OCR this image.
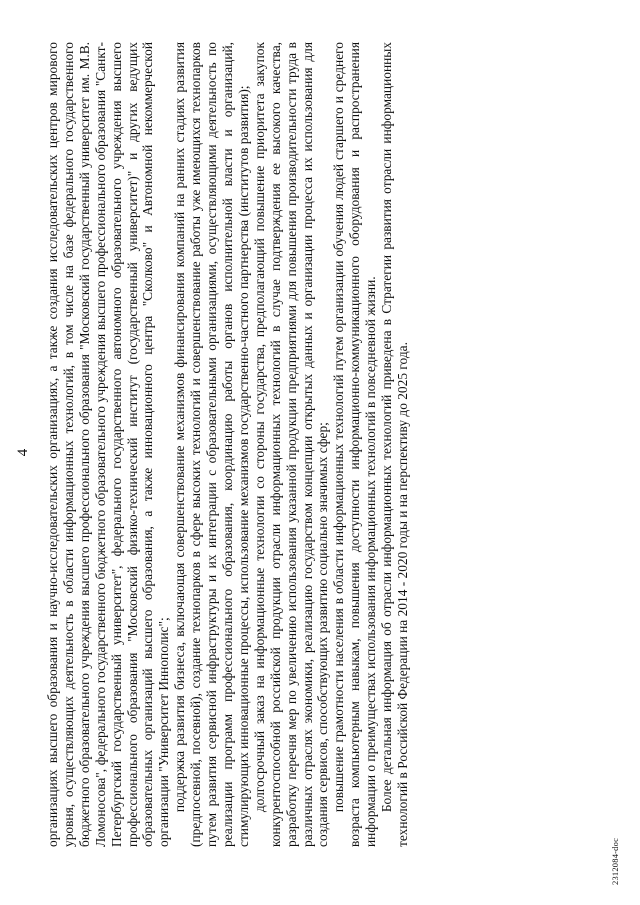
4 организациях высшего образования и научно-исследовательских организациях, а также создания исследовательских центров мирового уровня, осуществляющих деятельность в области информационных технологий, в том числе на базе федерального государственного бюджетного образовательного учреждения высшего профессионального образования "Московский государственный университет им. М.В. Ломоносова", федерального государственного бюджетного образовательного учреждения высшего профессионального образования "Санкт-Петербургский государственный университет", федерального государственного автономного образовательного учреждения высшего профессионального образования "Московский физико-технический институт (государственный университет)" и других ведущих образовательных организаций высшего образования, а также инновационного центра "Сколково" и Автономной некоммерческой организации "Университет Иннополис"; поддержка развития бизнеса, включающая совершенствование механизмов финансирования компаний на ранних стадиях развития (предпосевной, посевной), создание технопарков в сфере высоких технологий и совершенствование работы уже имеющихся технопарков путем развития сервисной инфраструктуры и их интеграции с образовательными организациями, осуществляющими деятельность по реализации программ профессионального образования, координацию работы органов исполнительной власти и организаций, стимулирующих инновационные процессы, использование механизмов государственно-частного партнерства (институтов развития); долгосрочный заказ на информационные технологии со стороны государства, предполагающий повышение приоритета закупок конкурентоспособной российской продукции отрасли информационных технологий в случае подтверждения ее высокого качества, разработку перечня мер по увеличению использования указанной продукции предприятиями для повышения производительности труда в различных отраслях экономики, реализацию государством концепции открытых данных и организации процесса их использования для создания сервисов, способствующих развитию социально значимых сфер; повышение грамотности населения в области информационных технологий путем организации обучения людей старшего и среднего возраста компьютерным навыкам, повышения доступности информационно-коммуникационного оборудования и распространения информации о преимуществах использования информационных технологий в повседневной жизни. Более детальная информация об отрасли информационных технологий приведена в Стратегии развития отрасли информационных технологий в Российской Федерации на 2014 - 2020 годы и на перспективу до 2025 года.

2312084-doc
